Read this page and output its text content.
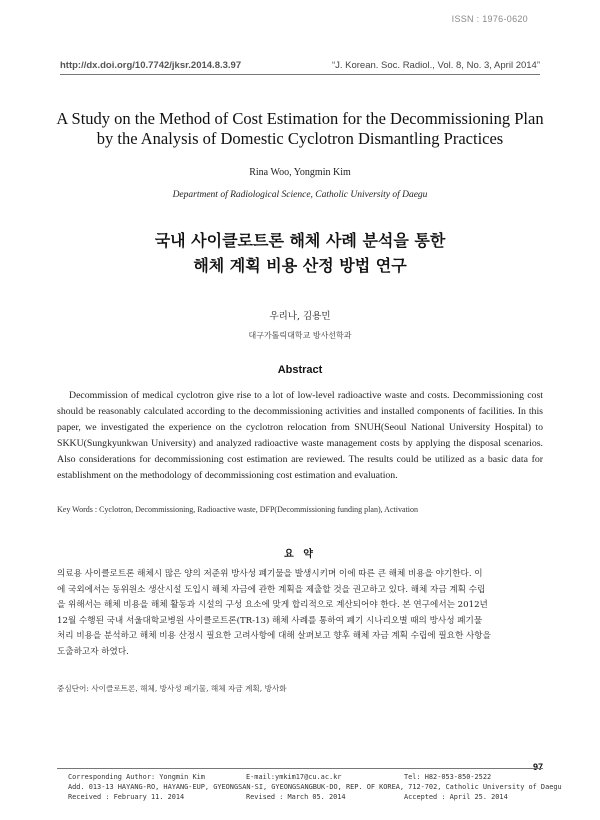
ISSN : 1976-0620
http://dx.doi.org/10.7742/jksr.2014.8.3.97	“J. Korean. Soc. Radiol., Vol. 8, No. 3, April 2014”
A Study on the Method of Cost Estimation for the Decommissioning Plan
by the Analysis of Domestic Cyclotron Dismantling Practices
Rina Woo, Yongmin Kim
Department of Radiological Science, Catholic University of Daegu
국내 사이클로트론 해체 사례 분석을 통한
해체 계획 비용 산정 방법 연구
우리나, 김용민
대구가톨릭대학교 방사선학과
Abstract
Decommission of medical cyclotron give rise to a lot of low-level radioactive waste and costs. Decommissioning cost should be reasonably calculated according to the decommissioning activities and installed components of facilities. In this paper, we investigated the experience on the cyclotron relocation from SNUH(Seoul National University Hospital) to SKKU(Sungkyunkwan University) and analyzed radioactive waste management costs by applying the disposal scenarios. Also considerations for decommissioning cost estimation are reviewed. The results could be utilized as a basic data for establishment on the methodology of decommissioning cost estimation and evaluation.
Key Words : Cyclotron, Decommissioning, Radioactive waste, DFP(Decommissioning funding plan), Activation
요 약
의료용 사이클로트론 해체시 많은 양의 저준위 방사성 폐기물을 발생시키며 이에 따른 큰 해체 비용을 야기한다. 이
에 국외에서는 동위원소 생산시설 도입시 해체 자금에 관한 계획을 제출할 것을 권고하고 있다. 해체 자금 계획 수립
을 위해서는 해체 비용을 해체 활동과 시설의 구성 요소에 맞게 합리적으로 계산되어야 한다. 본 연구에서는 2012년
12월 수행된 국내 서울대학교병원 사이클로트론(TR-13) 해체 사례를 통하여 폐기 시나리오별 때의 방사성 폐기물
처리 비용을 분석하고 해체 비용 산정시 필요한 고려사항에 대해 살펴보고 향후 해체 자금 계획 수립에 필요한 사항을
도출하고자 하였다.
중심단어: 사이클로트론, 해체, 방사성 폐기물, 해체 자금 계획, 방사화
97
Corresponding Author: Yongmin Kim	E-mail:ymkim17@cu.ac.kr	Tel: H82-053-850-2522
Add. 013-13 HAYANG-RO, HAYANG-EUP, GYEONGSAN-SI, GYEONGSANGBUK-DO, REP. OF KOREA, 712-702, Catholic University of Daegu
Received : February 11. 2014	Revised : March 05. 2014	Accepted : April 25. 2014
